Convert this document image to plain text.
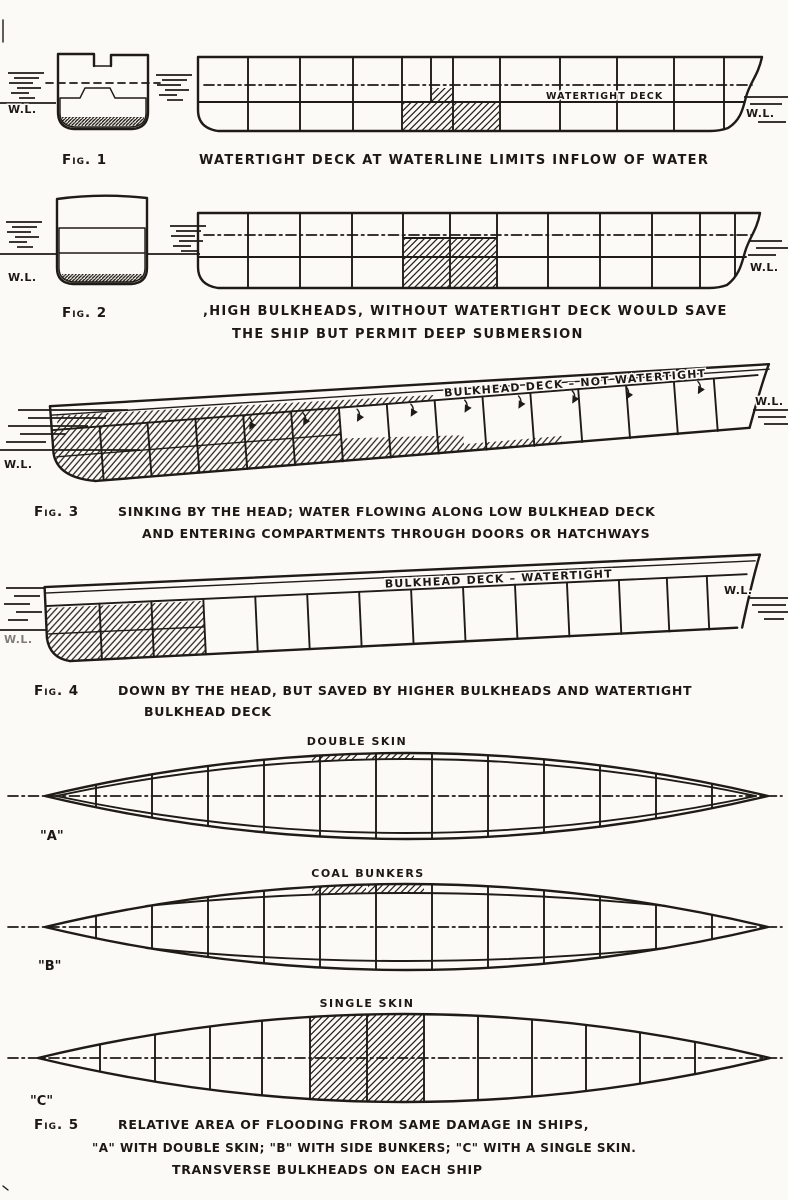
W.L.
WATERTIGHT DECK
W.L.
Fig. 1	WATERTIGHT DECK AT WATERLINE LIMITS INFLOW OF WATER
W.L.
W.L.
Fig. 2	,HIGH BULKHEADS, WITHOUT WATERTIGHT DECK WOULD SAVE
THE SHIP BUT PERMIT DEEP SUBMERSION
BULKHEAD DECK – NOT WATERTIGHT
W.L.
W.L.
Fig. 3	SINKING BY THE HEAD; WATER FLOWING ALONG LOW BULKHEAD DECK
AND ENTERING COMPARTMENTS THROUGH DOORS OR HATCHWAYS
BULKHEAD DECK – WATERTIGHT
W.L.
W.L.
Fig. 4	DOWN BY THE HEAD, BUT SAVED BY HIGHER BULKHEADS AND WATERTIGHT
BULKHEAD DECK
DOUBLE SKIN
"A"
COAL BUNKERS
"B"
SINGLE SKIN
"C"
Fig. 5	RELATIVE AREA OF FLOODING FROM SAME DAMAGE IN SHIPS,
"A" WITH DOUBLE SKIN; "B" WITH SIDE BUNKERS; "C" WITH A SINGLE SKIN.
TRANSVERSE BULKHEADS ON EACH SHIP
